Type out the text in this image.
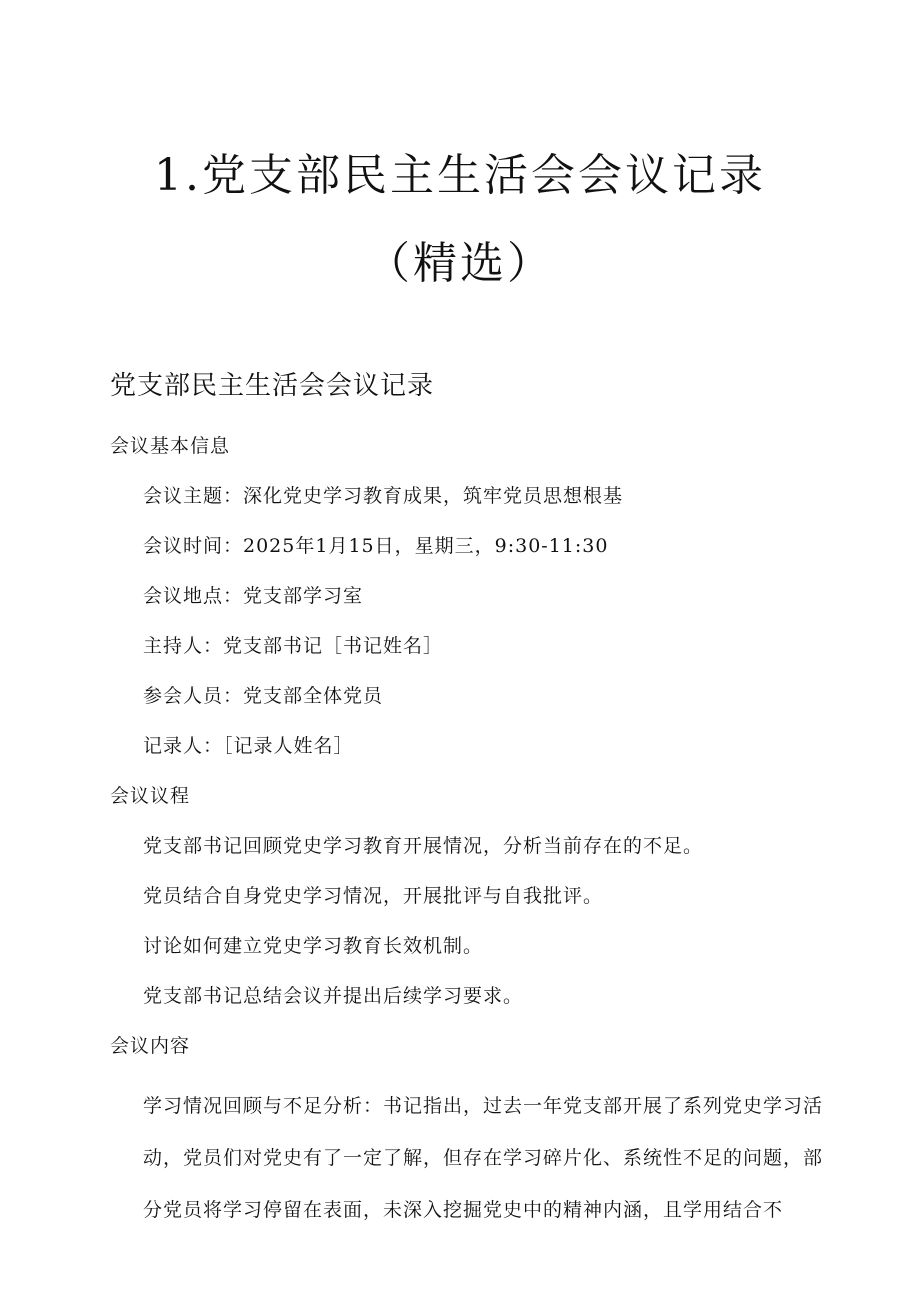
1.党支部民主生活会会议记录
（精选）
党支部民主生活会会议记录
会议基本信息
会议主题：深化党史学习教育成果，筑牢党员思想根基
会议时间：2025年1月15日，星期三，9:30-11:30
会议地点：党支部学习室
主持人：党支部书记［书记姓名］
参会人员：党支部全体党员
记录人：［记录人姓名］
会议议程
党支部书记回顾党史学习教育开展情况，分析当前存在的不足。
党员结合自身党史学习情况，开展批评与自我批评。
讨论如何建立党史学习教育长效机制。
党支部书记总结会议并提出后续学习要求。
会议内容

学习情况回顾与不足分析：书记指出，过去一年党支部开展了系列党史学习活动，党员们对党史有了一定了解，但存在学习碎片化、系统性不足的问题，部分党员将学习停留在表面，未深入挖掘党史中的精神内涵，且学用结合不
